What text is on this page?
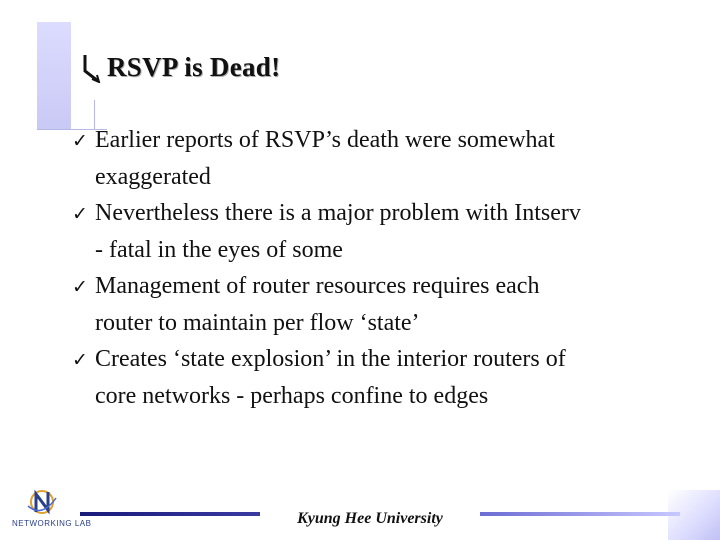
RSVP is Dead!
✓ Earlier reports of RSVP’s death were somewhat
exaggerated
✓ Nevertheless there is a major problem with Intserv
- fatal in the eyes of some
✓ Management of router resources requires each
router to maintain per flow ‘state’
✓ Creates ‘state explosion’ in the interior routers of
core networks - perhaps confine to edges
NETWORKING LAB	Kyung Hee University
